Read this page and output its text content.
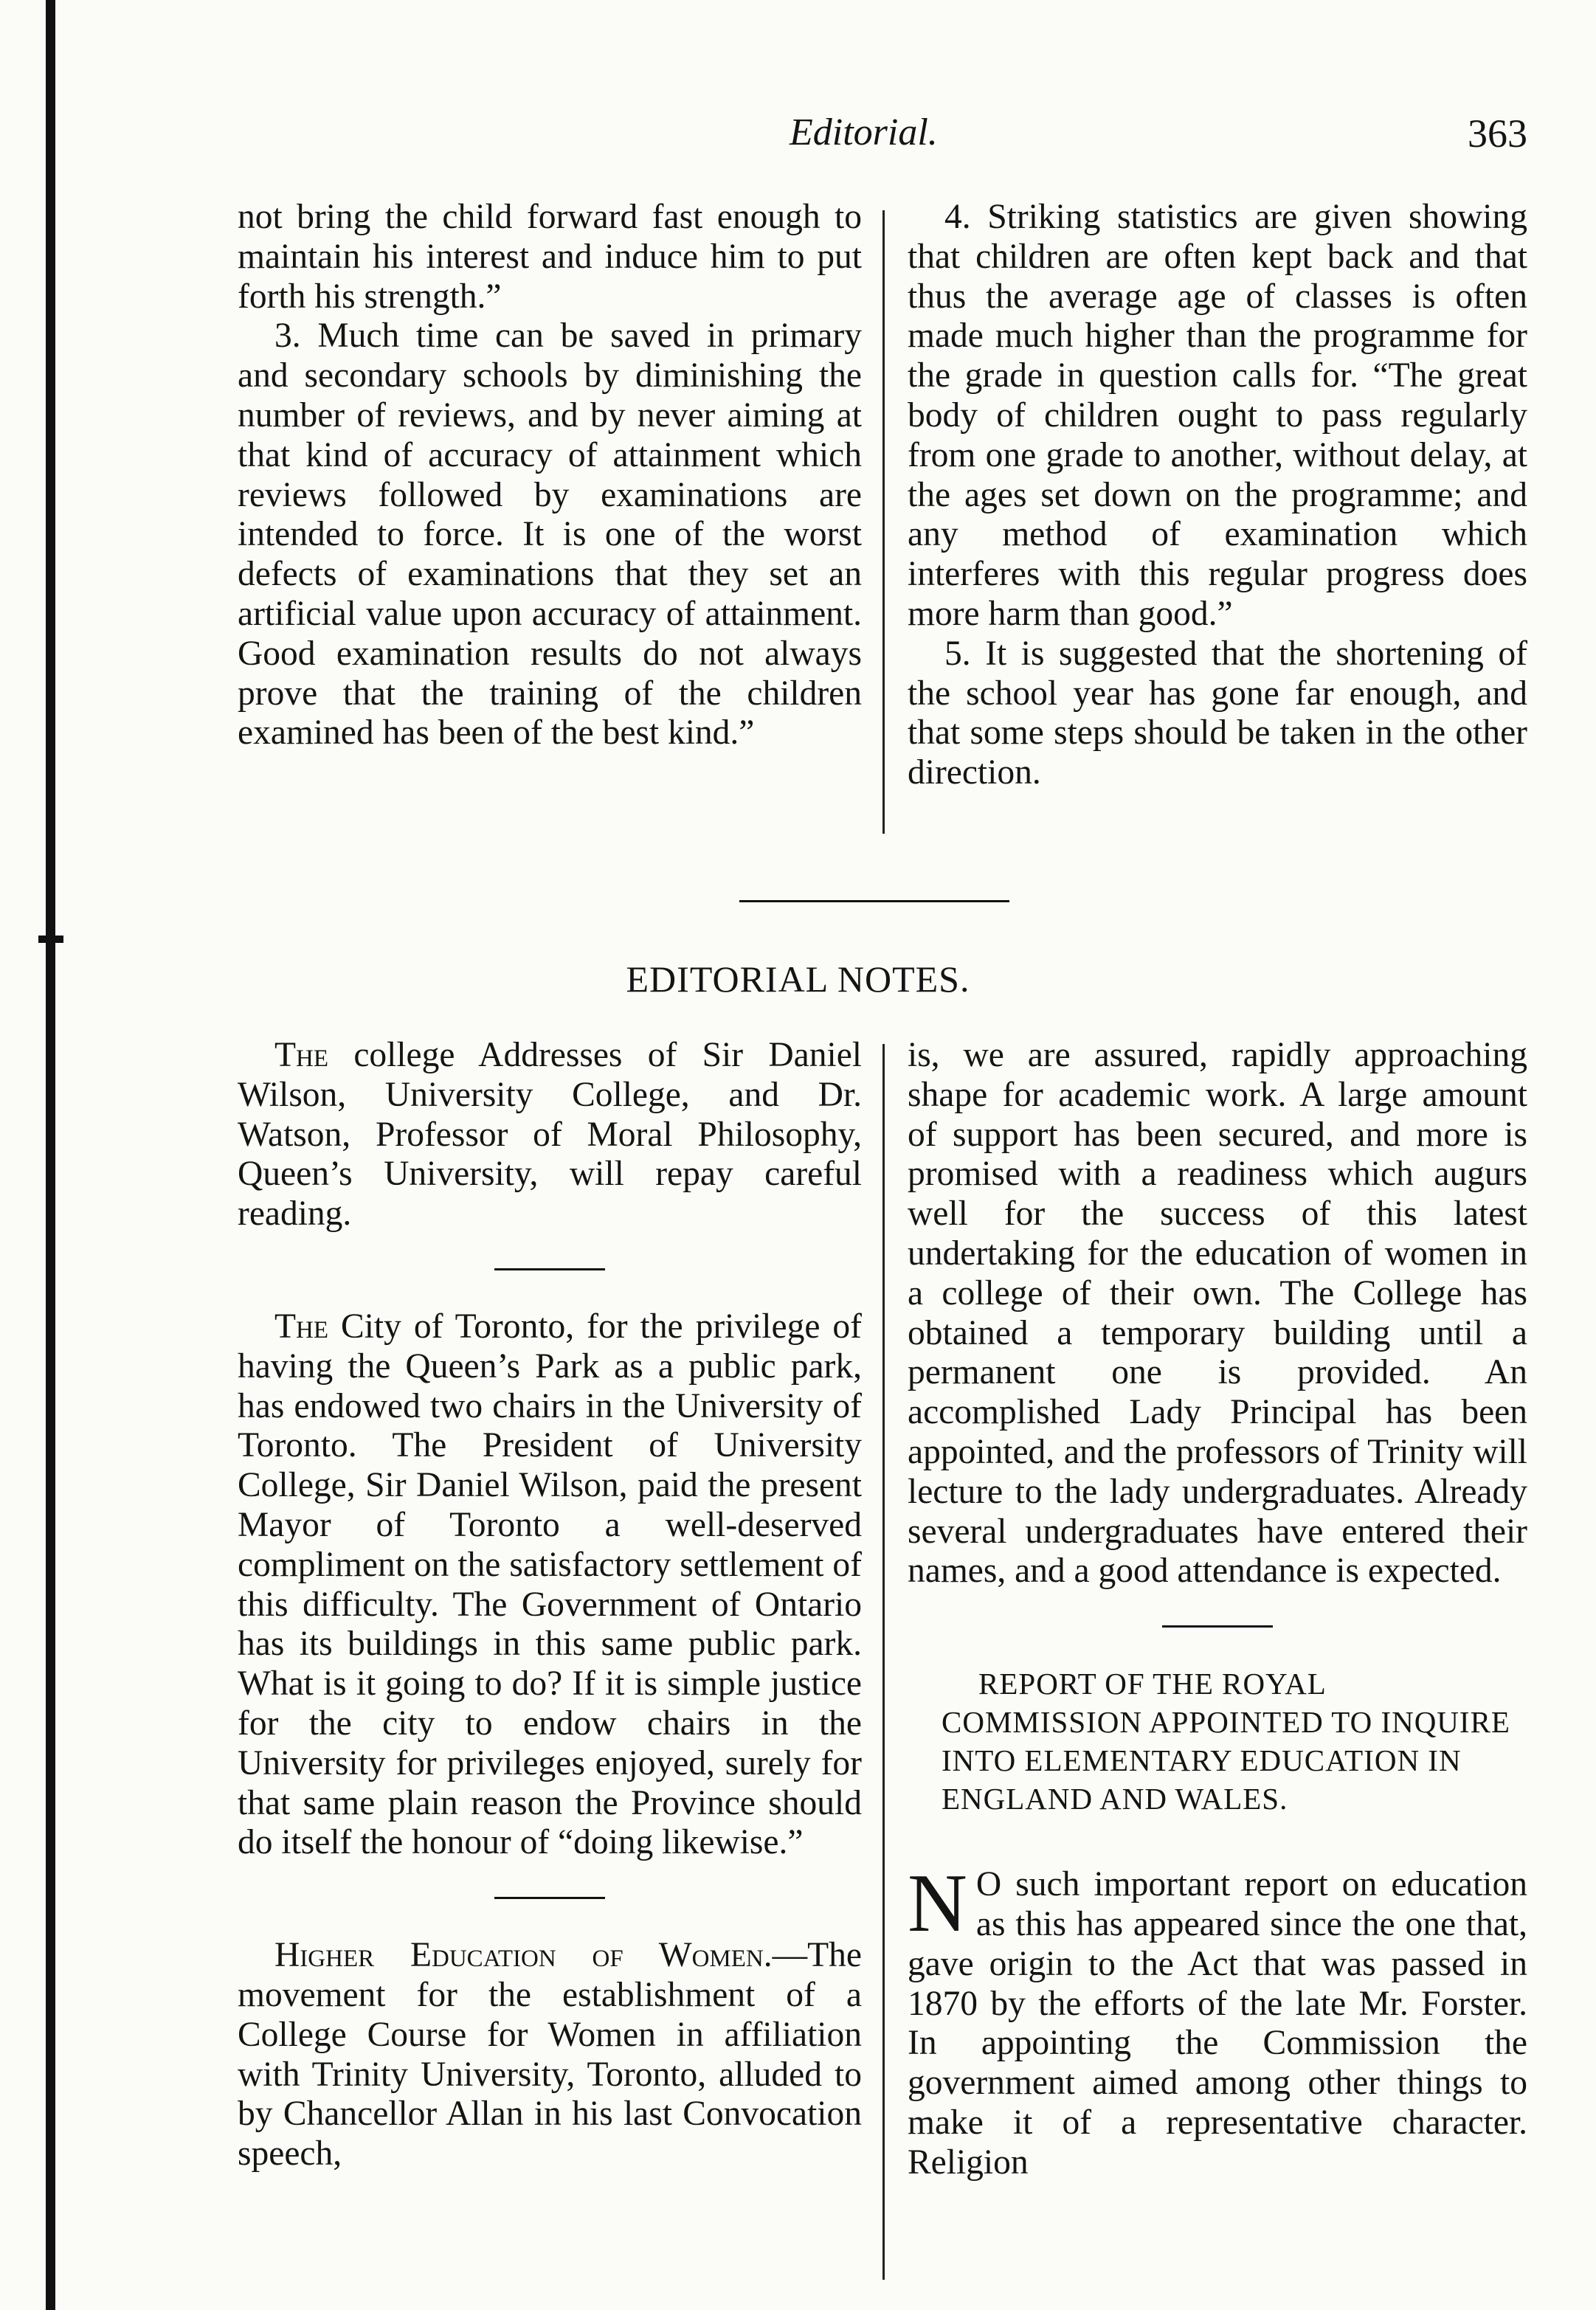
Editorial.	363

not bring the child forward fast enough to maintain his interest and induce him to put forth his strength.”

3. Much time can be saved in primary and secondary schools by diminishing the number of reviews, and by never aiming at that kind of accuracy of attainment which reviews followed by examinations are intended to force. It is one of the worst defects of examinations that they set an artificial value upon accuracy of attainment. Good examination results do not always prove that the training of the children examined has been of the best kind.”

4. Striking statistics are given showing that children are often kept back and that thus the average age of classes is often made much higher than the programme for the grade in question calls for. “The great body of children ought to pass regularly from one grade to another, without delay, at the ages set down on the programme; and any method of examination which interferes with this regular progress does more harm than good.”

5. It is suggested that the shortening of the school year has gone far enough, and that some steps should be taken in the other direction.

EDITORIAL NOTES.

The college Addresses of Sir Daniel Wilson, University College, and Dr. Watson, Professor of Moral Philosophy, Queen’s University, will repay careful reading.

The City of Toronto, for the privilege of having the Queen’s Park as a public park, has endowed two chairs in the University of Toronto. The President of University College, Sir Daniel Wilson, paid the present Mayor of Toronto a well-deserved compliment on the satisfactory settlement of this difficulty. The Government of Ontario has its buildings in this same public park. What is it going to do? If it is simple justice for the city to endow chairs in the University for privileges enjoyed, surely for that same plain reason the Province should do itself the honour of “doing likewise.”

Higher Education of Women.—The movement for the establishment of a College Course for Women in affiliation with Trinity University, Toronto, alluded to by Chancellor Allan in his last Convocation speech,

is, we are assured, rapidly approaching shape for academic work. A large amount of support has been secured, and more is promised with a readiness which augurs well for the success of this latest undertaking for the education of women in a college of their own. The College has obtained a temporary building until a permanent one is provided. An accomplished Lady Principal has been appointed, and the professors of Trinity will lecture to the lady undergraduates. Already several undergraduates have entered their names, and a good attendance is expected.

REPORT OF THE ROYAL COMMISSION APPOINTED TO INQUIRE INTO ELEMENTARY EDUCATION IN ENGLAND AND WALES.

N O such important report on education as this has appeared since the one that, gave origin to the Act that was passed in 1870 by the efforts of the late Mr. Forster. In appointing the Commission the government aimed among other things to make it of a representative character. Religion
